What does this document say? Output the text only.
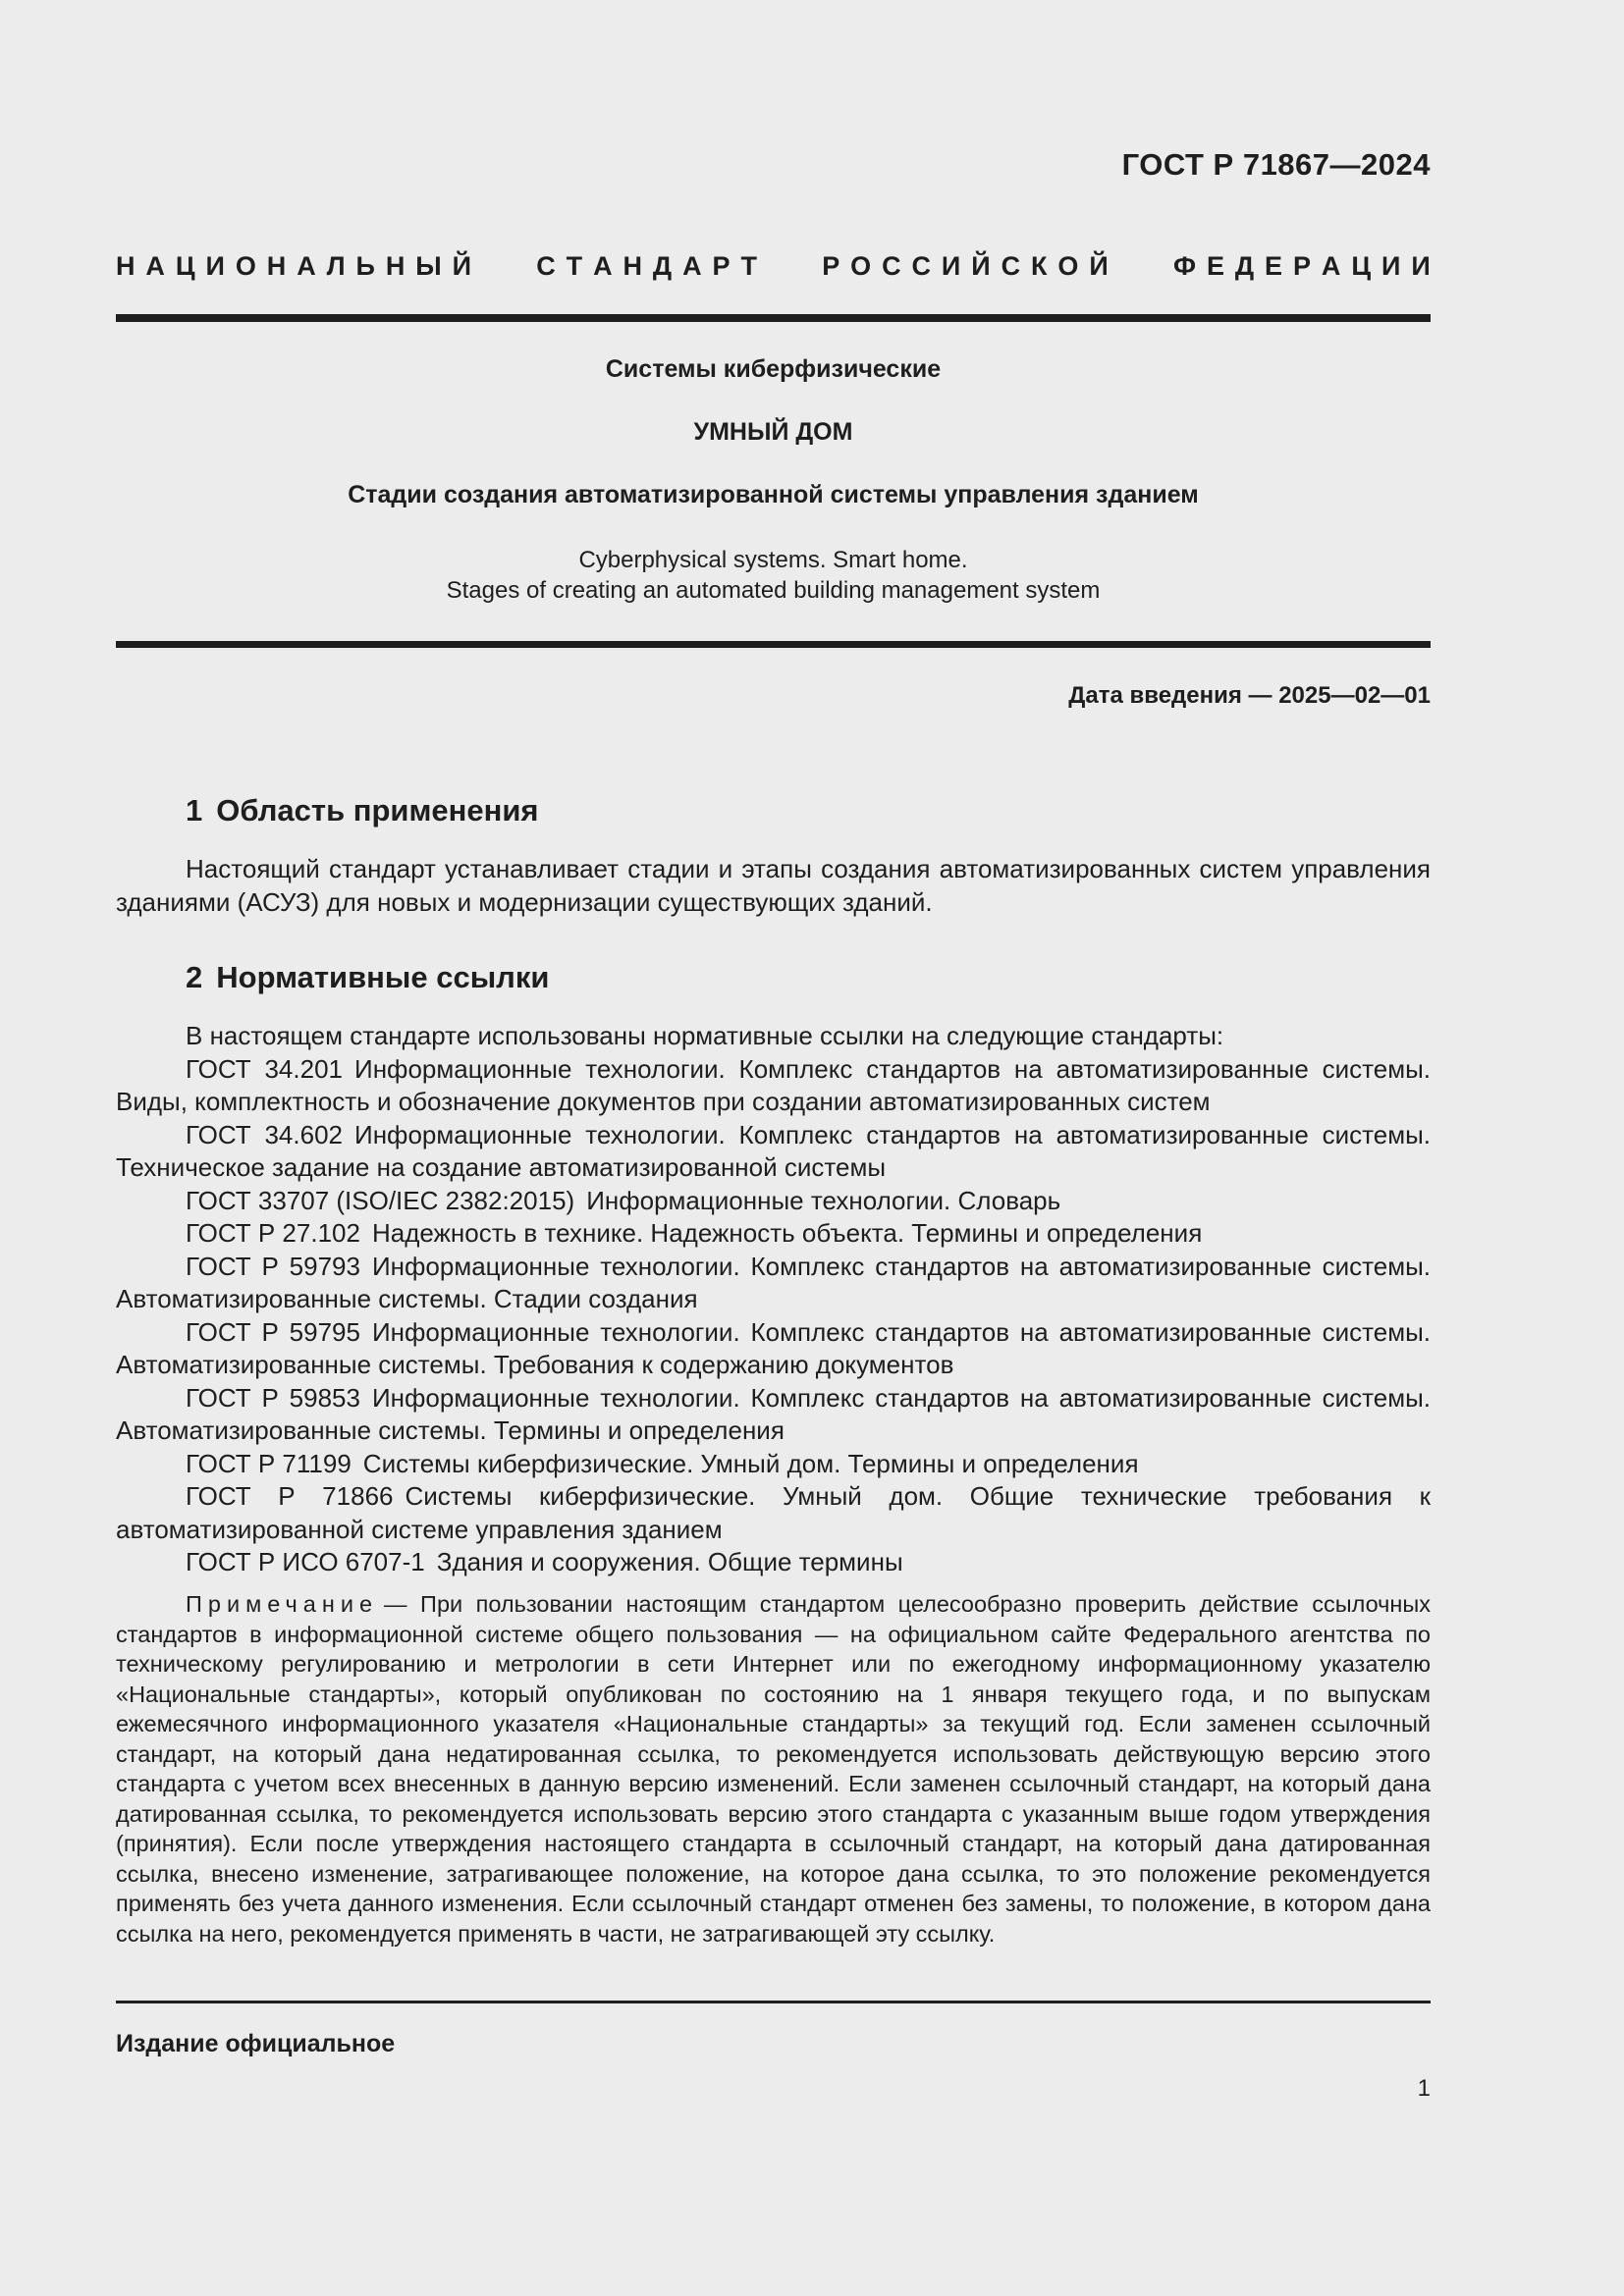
ГОСТ Р 71867—2024
Н А Ц И О Н А Л Ь Н Ы Й

С Т А Н Д А Р Т

Р О С С И Й С К О Й

Ф Е Д Е Р А Ц И И
Системы киберфизические
УМНЫЙ ДОМ
Стадии создания автоматизированной системы управления зданием
Cyberphysical systems. Smart home.
Stages of creating an automated building management system
Дата введения — 2025—02—01
1 Область применения

Настоящий стандарт устанавливает стадии и этапы создания автоматизированных систем управления зданиями (АСУЗ) для новых и модернизации существующих зданий.

2 Нормативные ссылки

В настоящем стандарте использованы нормативные ссылки на следующие стандарты:

ГОСТ 34.201 Информационные технологии. Комплекс стандартов на автоматизированные системы. Виды, комплектность и обозначение документов при создании автоматизированных систем

ГОСТ 34.602 Информационные технологии. Комплекс стандартов на автоматизированные системы. Техническое задание на создание автоматизированной системы

ГОСТ 33707 (ISO/IEC 2382:2015) Информационные технологии. Словарь

ГОСТ Р 27.102 Надежность в технике. Надежность объекта. Термины и определения

ГОСТ Р 59793 Информационные технологии. Комплекс стандартов на автоматизированные системы. Автоматизированные системы. Стадии создания

ГОСТ Р 59795 Информационные технологии. Комплекс стандартов на автоматизированные системы. Автоматизированные системы. Требования к содержанию документов

ГОСТ Р 59853 Информационные технологии. Комплекс стандартов на автоматизированные системы. Автоматизированные системы. Термины и определения

ГОСТ Р 71199 Системы киберфизические. Умный дом. Термины и определения

ГОСТ Р 71866 Системы киберфизические. Умный дом. Общие технические требования к автоматизированной системе управления зданием

ГОСТ Р ИСО 6707-1 Здания и сооружения. Общие термины

Примечание — При пользовании настоящим стандартом целесообразно проверить действие ссылочных стандартов в информационной системе общего пользования — на официальном сайте Федерального агентства по техническому регулированию и метрологии в сети Интернет или по ежегодному информационному указателю «Национальные стандарты», который опубликован по состоянию на 1 января текущего года, и по выпускам ежемесячного информационного указателя «Национальные стандарты» за текущий год. Если заменен ссылочный стандарт, на который дана недатированная ссылка, то рекомендуется использовать действующую версию этого стандарта с учетом всех внесенных в данную версию изменений. Если заменен ссылочный стандарт, на который дана датированная ссылка, то рекомендуется использовать версию этого стандарта с указанным выше годом утверждения (принятия). Если после утверждения настоящего стандарта в ссылочный стандарт, на который дана датированная ссылка, внесено изменение, затрагивающее положение, на которое дана ссылка, то это положение рекомендуется применять без учета данного изменения. Если ссылочный стандарт отменен без замены, то положение, в котором дана ссылка на него, рекомендуется применять в части, не затрагивающей эту ссылку.

Издание официальное
1
